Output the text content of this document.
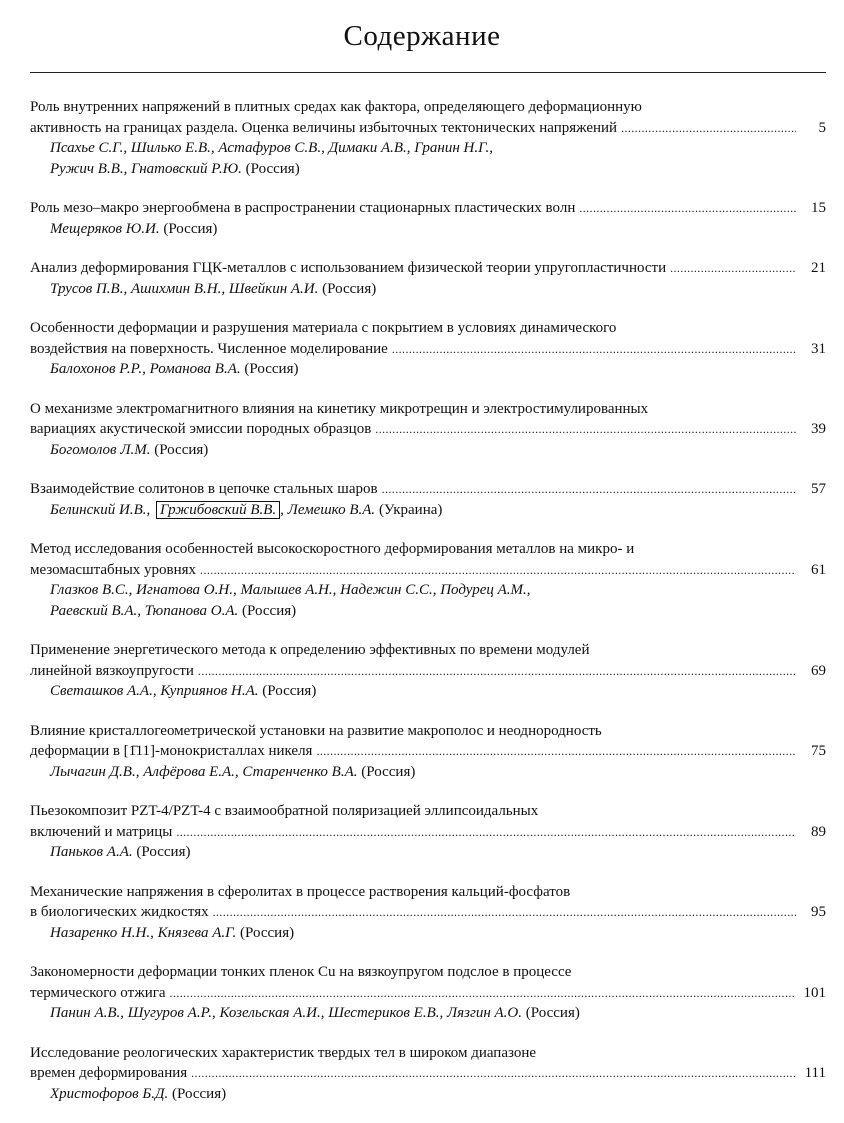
Содержание
Роль внутренних напряжений в плитных средах как фактора, определяющего деформационную
активность на границах раздела. Оценка величины избыточных тектонических напряжений .....	5
Псахье С.Г., Шилько Е.В., Астафуров С.В., Димаки А.В., Гранин Н.Г.,
Ружич В.В., Гнатовский Р.Ю. (Россия)
Роль мезо–макро энергообмена в распространении стационарных пластических волн .....	15
Мещеряков Ю.И. (Россия)
Анализ деформирования ГЦК-металлов с использованием физической теории упругопластичности .....	21
Трусов П.В., Ашихмин В.Н., Швейкин А.И. (Россия)
Особенности деформации и разрушения материала с покрытием в условиях динамического
воздействия на поверхность. Численное моделирование .....	31
Балохонов Р.Р., Романова В.А. (Россия)
О механизме электромагнитного влияния на кинетику микротрещин и электростимулированных
вариациях акустической эмиссии породных образцов .....	39
Богомолов Л.М. (Россия)
Взаимодействие солитонов в цепочке стальных шаров .....	57
Белинский И.В., Гржибовский В.В. , Лемешко В.А. (Украина)
Метод исследования особенностей высокоскоростного деформирования металлов на микро- и
мезомасштабных уровнях .....	61
Глазков В.С., Игнатова О.Н., Малышев А.Н., Надежин С.С., Подурец А.М.,
Раевский В.А., Тюпанова О.А. (Россия)
Применение энергетического метода к определению эффективных по времени модулей
линейной вязкоупругости .....	69
Светашков А.А., Куприянов Н.А. (Россия)
Влияние кристаллогеометрической установки на развитие макрополос и неоднородность
деформации в [1̄11]-монокристаллах никеля .....	75
Лычагин Д.В., Алфёрова Е.А., Старенченко В.А. (Россия)
Пьезокомпозит PZT-4/PZT-4 с взаимообратной поляризацией эллипсоидальных
включений и матрицы .....	89
Паньков А.А. (Россия)
Механические напряжения в сферолитах в процессе растворения кальций-фосфатов
в биологических жидкостях .....	95
Назаренко Н.Н., Князева А.Г. (Россия)
Закономерности деформации тонких пленок Cu на вязкоупругом подслое в процессе
термического отжига .....	101
Панин А.В., Шугуров А.Р., Козельская А.И., Шестериков Е.В., Лязгин А.О. (Россия)
Исследование реологических характеристик твердых тел в широком диапазоне
времен деформирования .....	111
Христофоров Б.Д. (Россия)
